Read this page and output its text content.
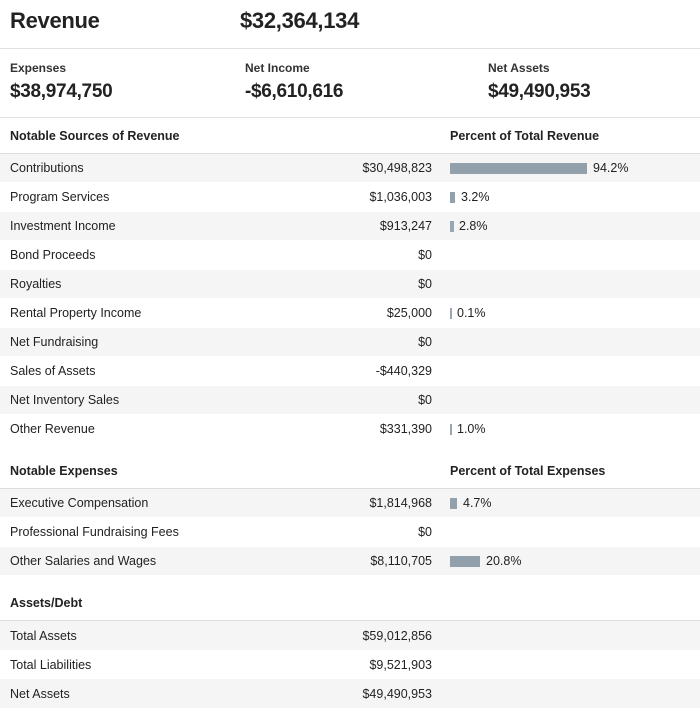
Revenue	$32,364,134
Expenses
$38,974,750
Net Income
-$6,610,616
Net Assets
$49,490,953
Notable Sources of Revenue	Percent of Total Revenue
Contributions	$30,498,823	94.2%
Program Services	$1,036,003	3.2%
Investment Income	$913,247	2.8%
Bond Proceeds	$0
Royalties	$0
Rental Property Income	$25,000	0.1%
Net Fundraising	$0
Sales of Assets	-$440,329
Net Inventory Sales	$0
Other Revenue	$331,390	1.0%
Notable Expenses	Percent of Total Expenses
Executive Compensation	$1,814,968	4.7%
Professional Fundraising Fees	$0
Other Salaries and Wages	$8,110,705	20.8%
Assets/Debt
Total Assets	$59,012,856
Total Liabilities	$9,521,903
Net Assets	$49,490,953
